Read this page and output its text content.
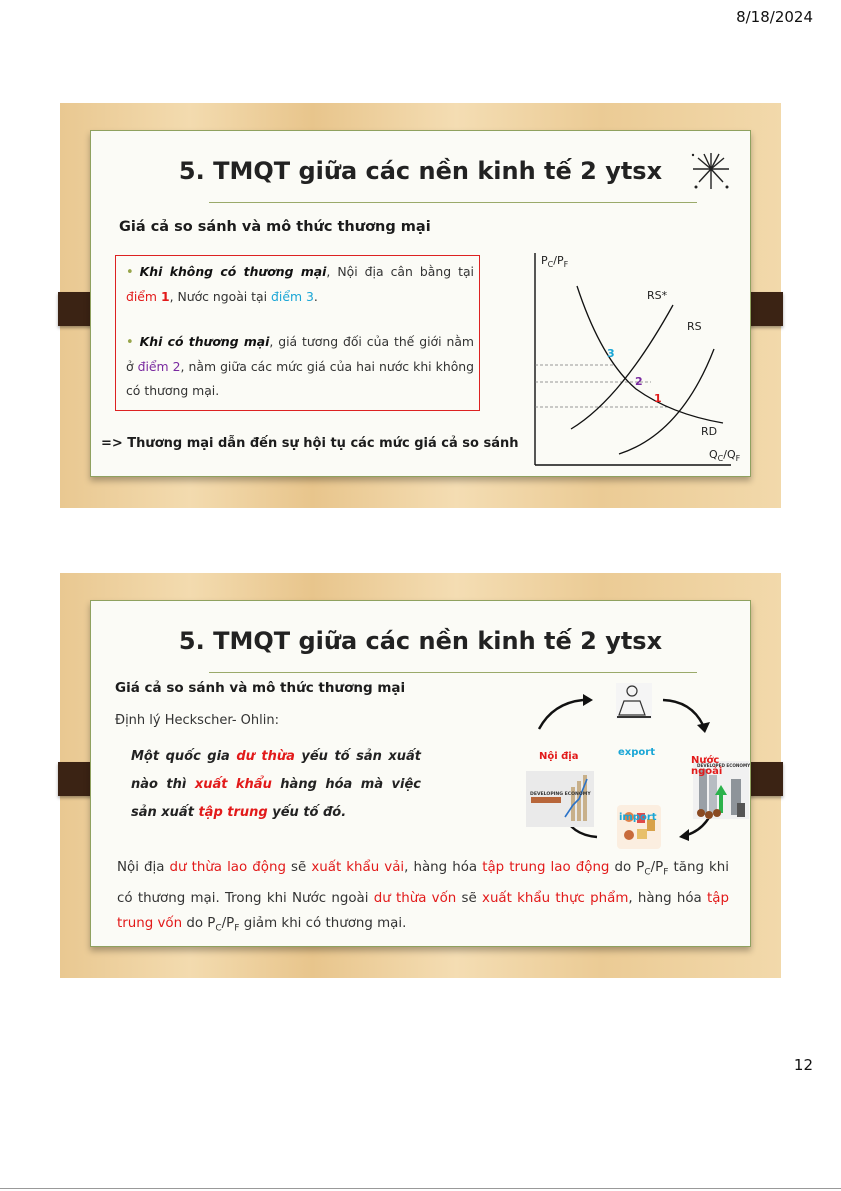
8/18/2024
5. TMQT giữa các nền kinh tế 2 ytsx
Giá cả so sánh và mô thức thương mại
• Khi không có thương mại, Nội địa cân bằng tại điểm 1, Nước ngoài tại điểm 3.
• Khi có thương mại, giá tương đối của thế giới nằm ở điểm 2, nằm giữa các mức giá của hai nước khi không có thương mại.
=> Thương mại dẫn đến sự hội tụ các mức giá cả so sánh
$P_C/P_F$
$Q_C/Q_F$
RS*
RS
RD
3
2
1
5. TMQT giữa các nền kinh tế 2 ytsx
Giá cả so sánh và mô thức thương mại
Định lý Heckscher- Ohlin:
Một quốc gia dư thừa yếu tố sản xuất nào thì xuất khẩu hàng hóa mà việc sản xuất tập trung yếu tố đó.
DEVELOPING ECONOMY
DEVELOPED ECONOMY
Nội địa	Nước ngoài
export
import
Nội địa dư thừa lao động sẽ xuất khẩu vải, hàng hóa tập trung lao động do $P_C/P_F$ tăng khi có thương mại. Trong khi Nước ngoài dư thừa vốn sẽ xuất khẩu thực phẩm, hàng hóa tập trung vốn do $P_C/P_F$ giảm khi có thương mại.
12
